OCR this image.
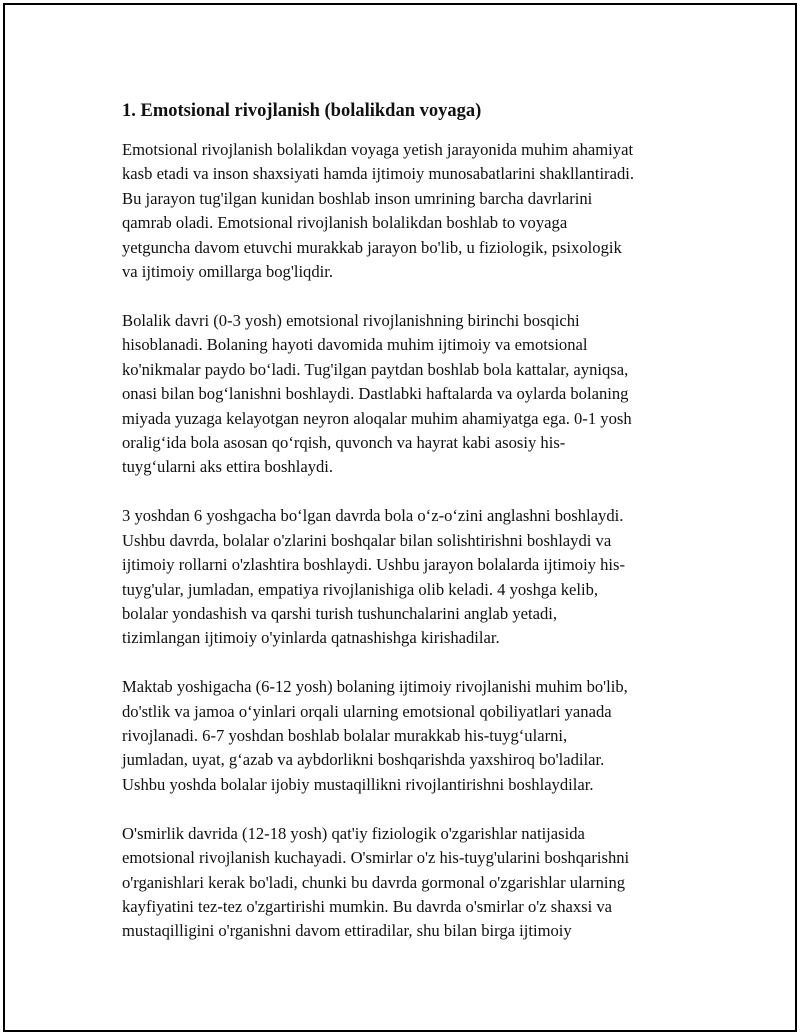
1. Emotsional rivojlanish (bolalikdan voyaga)

Emotsional rivojlanish bolalikdan voyaga yetish jarayonida muhim ahamiyat
kasb etadi va inson shaxsiyati hamda ijtimoiy munosabatlarini shakllantiradi.
Bu jarayon tug'ilgan kunidan boshlab inson umrining barcha davrlarini
qamrab oladi. Emotsional rivojlanish bolalikdan boshlab to voyaga
yetguncha davom etuvchi murakkab jarayon bo'lib, u fiziologik, psixologik
va ijtimoiy omillarga bog'liqdir.

Bolalik davri (0-3 yosh) emotsional rivojlanishning birinchi bosqichi
hisoblanadi. Bolaning hayoti davomida muhim ijtimoiy va emotsional
ko'nikmalar paydo bo‘ladi. Tug'ilgan paytdan boshlab bola kattalar, ayniqsa,
onasi bilan bog‘lanishni boshlaydi. Dastlabki haftalarda va oylarda bolaning
miyada yuzaga kelayotgan neyron aloqalar muhim ahamiyatga ega. 0-1 yosh
oralig‘ida bola asosan qo‘rqish, quvonch va hayrat kabi asosiy his-
tuyg‘ularni aks ettira boshlaydi.

3 yoshdan 6 yoshgacha bo‘lgan davrda bola o‘z-o‘zini anglashni boshlaydi.
Ushbu davrda, bolalar o'zlarini boshqalar bilan solishtirishni boshlaydi va
ijtimoiy rollarni o'zlashtira boshlaydi. Ushbu jarayon bolalarda ijtimoiy his-
tuyg'ular, jumladan, empatiya rivojlanishiga olib keladi. 4 yoshga kelib,
bolalar yondashish va qarshi turish tushunchalarini anglab yetadi,
tizimlangan ijtimoiy o'yinlarda qatnashishga kirishadilar.

Maktab yoshigacha (6-12 yosh) bolaning ijtimoiy rivojlanishi muhim bo'lib,
do'stlik va jamoa o‘yinlari orqali ularning emotsional qobiliyatlari yanada
rivojlanadi. 6-7 yoshdan boshlab bolalar murakkab his-tuyg‘ularni,
jumladan, uyat, g‘azab va aybdorlikni boshqarishda yaxshiroq bo'ladilar.
Ushbu yoshda bolalar ijobiy mustaqillikni rivojlantirishni boshlaydilar.

O'smirlik davrida (12-18 yosh) qat'iy fiziologik o'zgarishlar natijasida
emotsional rivojlanish kuchayadi. O'smirlar o'z his-tuyg'ularini boshqarishni
o'rganishlari kerak bo'ladi, chunki bu davrda gormonal o'zgarishlar ularning
kayfiyatini tez-tez o'zgartirishi mumkin. Bu davrda o'smirlar o'z shaxsi va
mustaqilligini o'rganishni davom ettiradilar, shu bilan birga ijtimoiy
